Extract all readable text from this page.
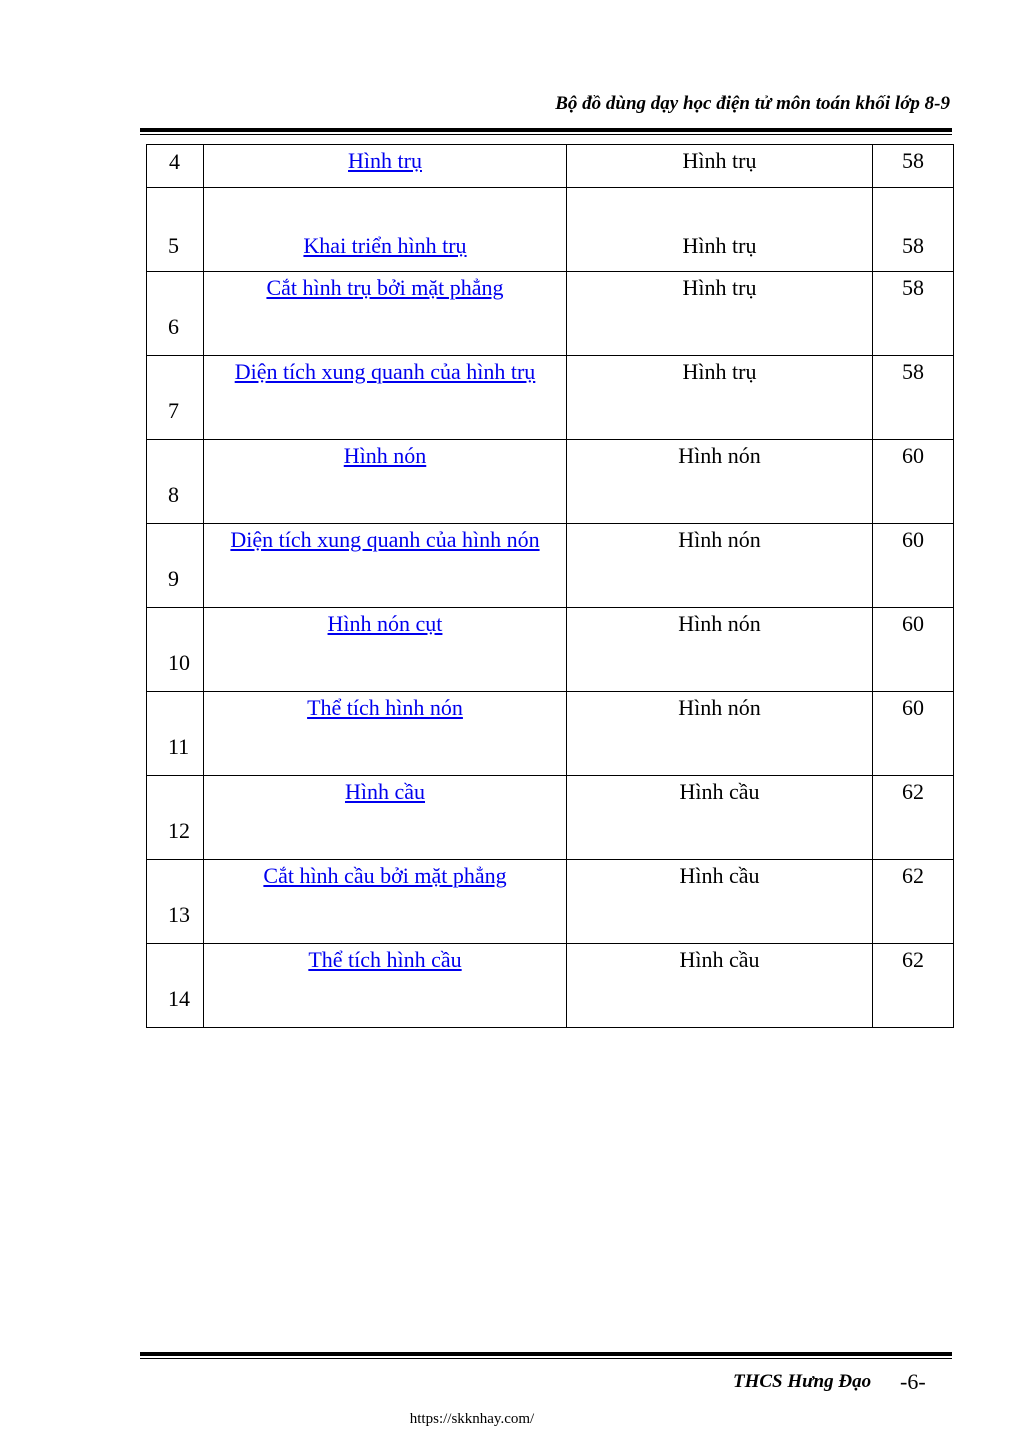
Bộ đồ dùng dạy học điện tử môn toán khối lớp 8-9
4	Hình trụ	Hình trụ	58

5	Khai triển hình trụ	Hình trụ	58

6	Cắt hình trụ bởi mặt phẳng	Hình trụ	58

7	Diện tích xung quanh của hình trụ	Hình trụ	58

8	Hình nón	Hình nón	60

9	Diện tích xung quanh của hình nón	Hình nón	60

10	Hình nón cụt	Hình nón	60

11	Thể tích hình nón	Hình nón	60

12	Hình cầu	Hình cầu	62

13	Cắt hình cầu bởi mặt phẳng	Hình cầu	62

14	Thể tích hình cầu	Hình cầu	62
THCS Hưng Đạo -6-
https://skknhay.com/
